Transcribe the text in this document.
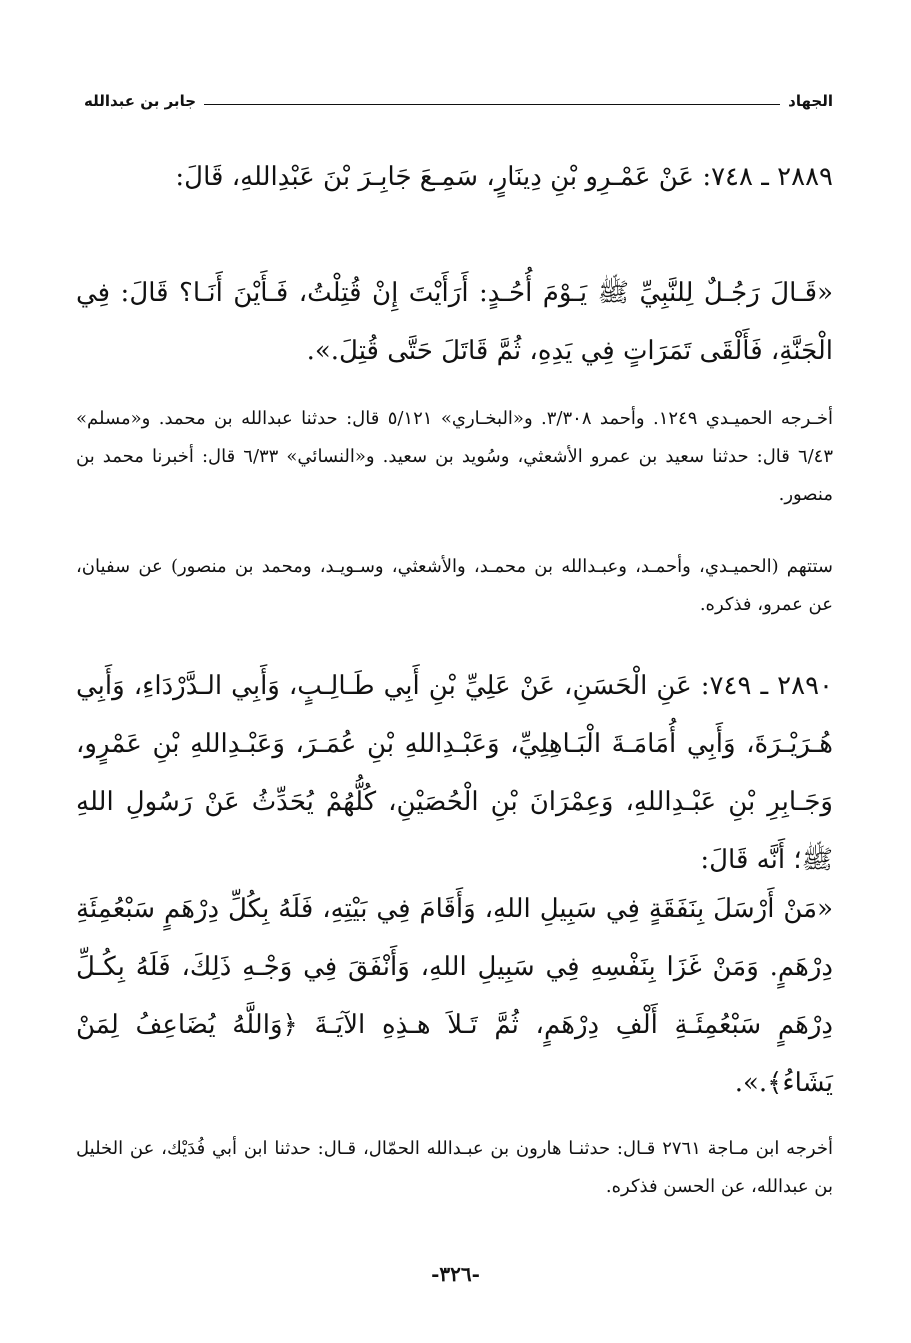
الجهاد
جابر بن عبدالله

٢٨٨٩ ـ ٧٤٨: عَنْ عَمْـرِو بْنِ دِينَارٍ، سَمِـعَ جَابِـرَ بْنَ عَبْدِاللهِ، قَالَ:

«قَـالَ رَجُـلٌ لِلنَّبِيِّ ﷺ يَـوْمَ أُحُـدٍ: أَرَأَيْتَ إِنْ قُتِلْتُ، فَـأَيْنَ أَنَـا؟ قَالَ: فِي الْجَنَّةِ، فَأَلْقَى تَمَرَاتٍ فِي يَدِهِ، ثُمَّ قَاتَلَ حَتَّى قُتِلَ.».

أخـرجه الحميـدي ١٢٤٩. وأحمد ٣/٣٠٨. و«البخـاري» ٥/١٢١ قال: حدثنا عبدالله بن محمد. و«مسلم» ٦/٤٣ قال: حدثنا سعيد بن عمرو الأشعثي، وسُويد بن سعيد. و«النسائي» ٦/٣٣ قال: أخبرنا محمد بن منصور.

ستتهم (الحميـدي، وأحمـد، وعبـدالله بن محمـد، والأشعثي، وسـويـد، ومحمد بن منصور) عن سفيان، عن عمرو، فذكره.

٢٨٩٠ ـ ٧٤٩: عَنِ الْحَسَنِ، عَنْ عَلِيِّ بْنِ أَبِي طَـالِـبٍ، وَأَبِي الـدَّرْدَاءِ، وَأَبِي هُـرَيْـرَةَ، وَأَبِي أُمَامَـةَ الْبَـاهِلِيِّ، وَعَبْـدِاللهِ بْنِ عُمَـرَ، وَعَبْـدِاللهِ بْنِ عَمْرٍو، وَجَـابِرِ بْنِ عَبْـدِاللهِ، وَعِمْرَانَ بْنِ الْحُصَيْنِ، كُلُّهُمْ يُحَدِّثُ عَنْ رَسُولِ اللهِ ﷺ؛ أَنَّه قَالَ:

«مَنْ أَرْسَلَ بِنَفَقَةٍ فِي سَبِيلِ اللهِ، وَأَقَامَ فِي بَيْتِهِ، فَلَهُ بِكُلِّ دِرْهَمٍ سَبْعُمِئَةِ دِرْهَمٍ. وَمَنْ غَزَا بِنَفْسِهِ فِي سَبِيلِ اللهِ، وَأَنْفَقَ فِي وَجْـهِ ذَلِكَ، فَلَهُ بِكُـلِّ دِرْهَمٍ سَبْعُمِئَـةِ أَلْفِ دِرْهَمٍ، ثُمَّ تَـلاَ هـذِهِ الآيَـةَ ﴿وَاللَّهُ يُضَاعِفُ لِمَنْ يَشَاءُ﴾.».

أخرجه ابن مـاجة ٢٧٦١ قـال: حدثنـا هارون بن عبـدالله الحمّال، قـال: حدثنا ابن أبي فُدَيْك، عن الخليل بن عبدالله، عن الحسن فذكره.

-٣٢٦-
